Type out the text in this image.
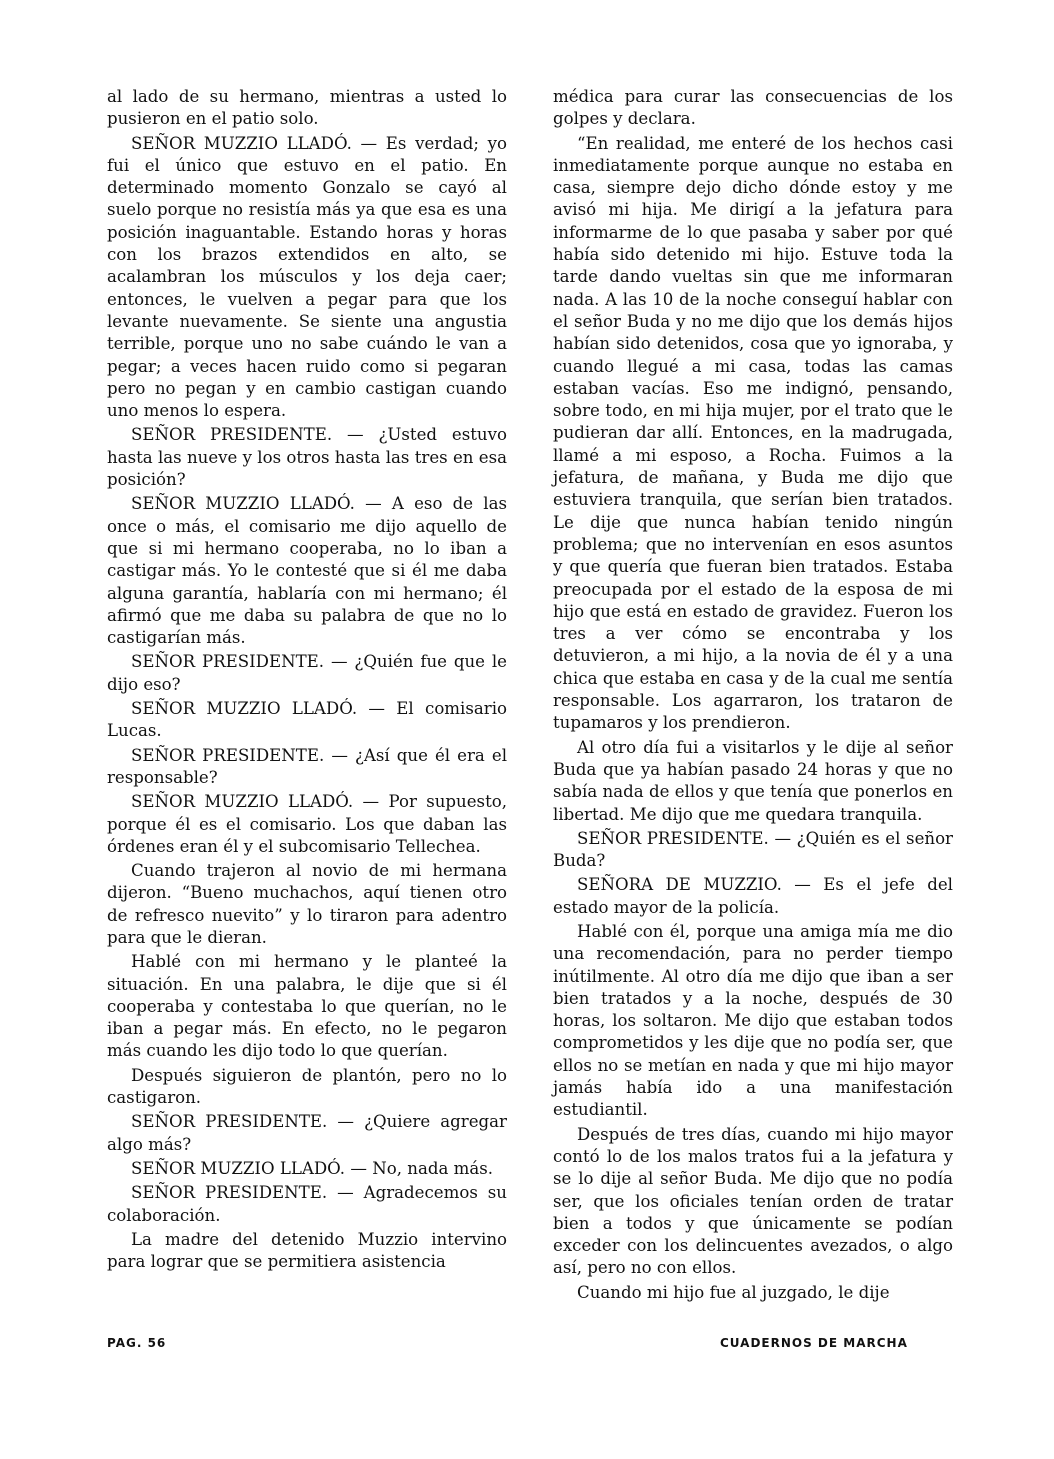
al lado de su hermano, mientras a usted lo pusieron en el patio solo.

SEÑOR MUZZIO LLADÓ. — Es verdad; yo fui el único que estuvo en el patio. En determinado momento Gonzalo se cayó al suelo porque no resistía más ya que esa es una posición inaguantable. Estando horas y horas con los brazos extendidos en alto, se acalambran los músculos y los deja caer; entonces, le vuelven a pegar para que los levante nuevamente. Se siente una angustia terrible, porque uno no sabe cuándo le van a pegar; a veces hacen ruido como si pegaran pero no pegan y en cambio castigan cuando uno menos lo espera.

SEÑOR PRESIDENTE. — ¿Usted estuvo hasta las nueve y los otros hasta las tres en esa posición?

SEÑOR MUZZIO LLADÓ. — A eso de las once o más, el comisario me dijo aquello de que si mi hermano cooperaba, no lo iban a castigar más. Yo le contesté que si él me daba alguna garantía, hablaría con mi hermano; él afirmó que me daba su palabra de que no lo castigarían más.

SEÑOR PRESIDENTE. — ¿Quién fue que le dijo eso?

SEÑOR MUZZIO LLADÓ. — El comisario Lucas.

SEÑOR PRESIDENTE. — ¿Así que él era el responsable?

SEÑOR MUZZIO LLADÓ. — Por supuesto, porque él es el comisario. Los que daban las órdenes eran él y el subcomisario Tellechea.

Cuando trajeron al novio de mi hermana dijeron. “Bueno muchachos, aquí tienen otro de refresco nuevito” y lo tiraron para adentro para que le dieran.

Hablé con mi hermano y le planteé la situación. En una palabra, le dije que si él cooperaba y contestaba lo que querían, no le iban a pegar más. En efecto, no le pegaron más cuando les dijo todo lo que querían.

Después siguieron de plantón, pero no lo castigaron.

SEÑOR PRESIDENTE. — ¿Quiere agregar algo más?

SEÑOR MUZZIO LLADÓ. — No, nada más.

SEÑOR PRESIDENTE. — Agradecemos su colaboración.

La madre del detenido Muzzio intervino para lograr que se permitiera asistencia

médica para curar las consecuencias de los golpes y declara.

“En realidad, me enteré de los hechos casi inmediatamente porque aunque no estaba en casa, siempre dejo dicho dónde estoy y me avisó mi hija. Me dirigí a la jefatura para informarme de lo que pasaba y saber por qué había sido detenido mi hijo. Estuve toda la tarde dando vueltas sin que me informaran nada. A las 10 de la noche conseguí hablar con el señor Buda y no me dijo que los demás hijos habían sido detenidos, cosa que yo ignoraba, y cuando llegué a mi casa, todas las camas estaban vacías. Eso me indignó, pensando, sobre todo, en mi hija mujer, por el trato que le pudieran dar allí. Entonces, en la madrugada, llamé a mi esposo, a Rocha. Fuimos a la jefatura, de mañana, y Buda me dijo que estuviera tranquila, que serían bien tratados. Le dije que nunca habían tenido ningún problema; que no intervenían en esos asuntos y que quería que fueran bien tratados. Estaba preocupada por el estado de la esposa de mi hijo que está en estado de gravidez. Fueron los tres a ver cómo se encontraba y los detuvieron, a mi hijo, a la novia de él y a una chica que estaba en casa y de la cual me sentía responsable. Los agarraron, los trataron de tupamaros y los prendieron.

Al otro día fui a visitarlos y le dije al señor Buda que ya habían pasado 24 horas y que no sabía nada de ellos y que tenía que ponerlos en libertad. Me dijo que me quedara tranquila.

SEÑOR PRESIDENTE. — ¿Quién es el señor Buda?

SEÑORA DE MUZZIO. — Es el jefe del estado mayor de la policía.

Hablé con él, porque una amiga mía me dio una recomendación, para no perder tiempo inútilmente. Al otro día me dijo que iban a ser bien tratados y a la noche, después de 30 horas, los soltaron. Me dijo que estaban todos comprometidos y les dije que no podía ser, que ellos no se metían en nada y que mi hijo mayor jamás había ido a una manifestación estudiantil.

Después de tres días, cuando mi hijo mayor contó lo de los malos tratos fui a la jefatura y se lo dije al señor Buda. Me dijo que no podía ser, que los oficiales tenían orden de tratar bien a todos y que únicamente se podían exceder con los delincuentes avezados, o algo así, pero no con ellos.

Cuando mi hijo fue al juzgado, le dije

PAG. 56	CUADERNOS DE MARCHA
